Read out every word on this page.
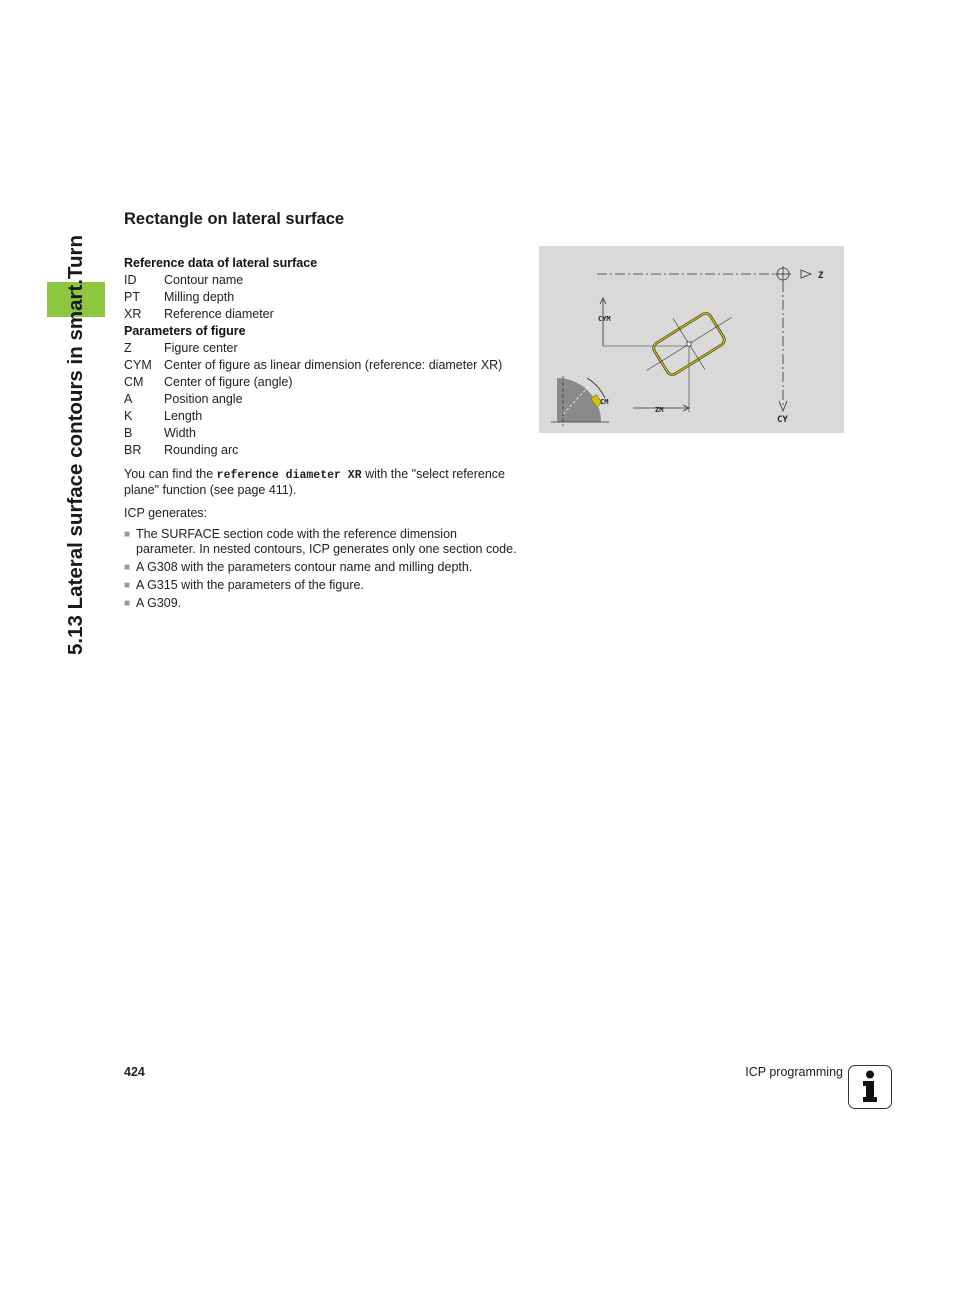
5.13 Lateral surface contours in smart.Turn
Rectangle on lateral surface
Reference data of lateral surface
ID	Contour name
PT	Milling depth
XR	Reference diameter
Parameters of figure
Z	Figure center
CYM Center of figure as linear dimension (reference: diameter XR)
CM	Center of figure (angle)
A	Position angle
K	Length
B	Width
BR	Rounding arc
You can find the reference diameter XR with the "select reference plane" function (see page 411).
ICP generates:
■ The SURFACE section code with the reference dimension parameter. In nested contours, ICP generates only one section code.
■ A G308 with the parameters contour name and milling depth.
■ A G315 with the parameters of the figure.
■ A G309.
CM
Z
CY
CYM
ZM
424	ICP programming
